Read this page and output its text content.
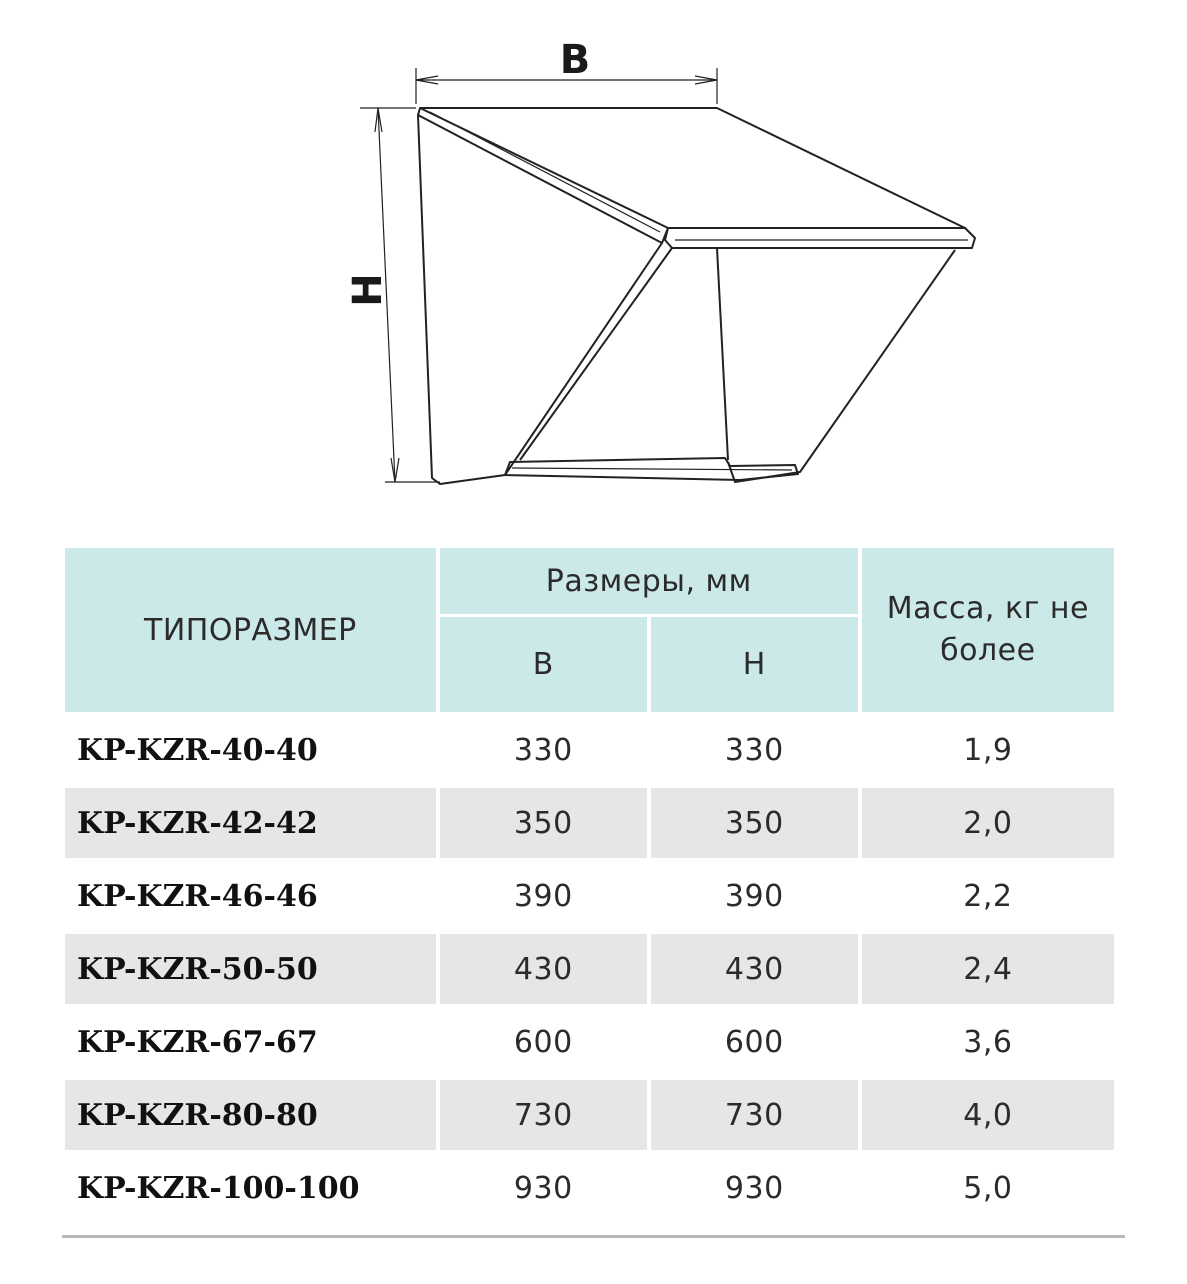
B
H
ТИПОРАЗМЕР	Размеры, мм		Масса, кг не более
	B	H	
KP-KZR-40-40	330	330	1,9
KP-KZR-42-42	350	350	2,0
KP-KZR-46-46	390	390	2,2
KP-KZR-50-50	430	430	2,4
KP-KZR-67-67	600	600	3,6
KP-KZR-80-80	730	730	4,0
KP-KZR-100-100	930	930	5,0
